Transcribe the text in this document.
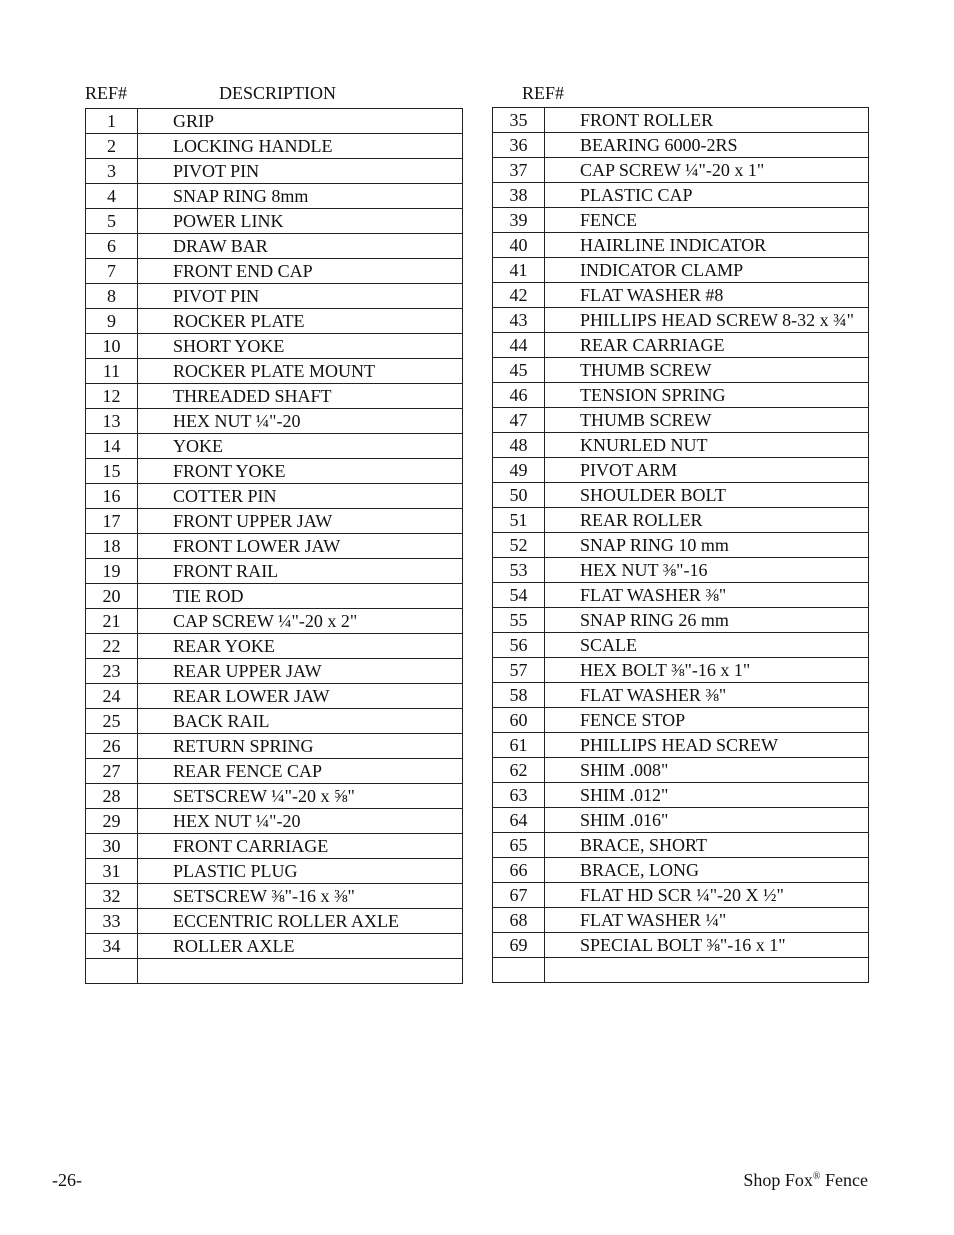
REF#	DESCRIPTION	REF#
1	GRIP
2	LOCKING HANDLE
3	PIVOT PIN
4	SNAP RING 8mm
5	POWER LINK
6	DRAW BAR
7	FRONT END CAP
8	PIVOT PIN
9	ROCKER PLATE
10	SHORT YOKE
11	ROCKER PLATE MOUNT
12	THREADED SHAFT
13	HEX NUT ¼"-20
14	YOKE
15	FRONT YOKE
16	COTTER PIN
17	FRONT UPPER JAW
18	FRONT LOWER JAW
19	FRONT RAIL
20	TIE ROD
21	CAP SCREW ¼"-20 x 2"
22	REAR YOKE
23	REAR UPPER JAW
24	REAR LOWER JAW
25	BACK RAIL
26	RETURN SPRING
27	REAR FENCE CAP
28	SETSCREW ¼"-20 x ⅝"
29	HEX NUT ¼"-20
30	FRONT CARRIAGE
31	PLASTIC PLUG
32	SETSCREW ⅜"-16 x ⅜"
33	ECCENTRIC ROLLER AXLE
34	ROLLER AXLE

35	FRONT ROLLER
36	BEARING 6000-2RS
37	CAP SCREW ¼"-20 x 1"
38	PLASTIC CAP
39	FENCE
40	HAIRLINE INDICATOR
41	INDICATOR CLAMP
42	FLAT WASHER #8
43	PHILLIPS HEAD SCREW 8-32 x ¾"
44	REAR CARRIAGE
45	THUMB SCREW
46	TENSION SPRING
47	THUMB SCREW
48	KNURLED NUT
49	PIVOT ARM
50	SHOULDER BOLT
51	REAR ROLLER
52	SNAP RING 10 mm
53	HEX NUT ⅜"-16
54	FLAT WASHER ⅜"
55	SNAP RING 26 mm
56	SCALE
57	HEX BOLT ⅜"-16 x 1"
58	FLAT WASHER ⅜"
60	FENCE STOP
61	PHILLIPS HEAD SCREW
62	SHIM .008"
63	SHIM .012"
64	SHIM .016"
65	BRACE, SHORT
66	BRACE, LONG
67	FLAT HD SCR ¼"-20 X ½"
68	FLAT WASHER ¼"
69	SPECIAL BOLT ⅜"-16 x 1"

-26-	Shop Fox® Fence
